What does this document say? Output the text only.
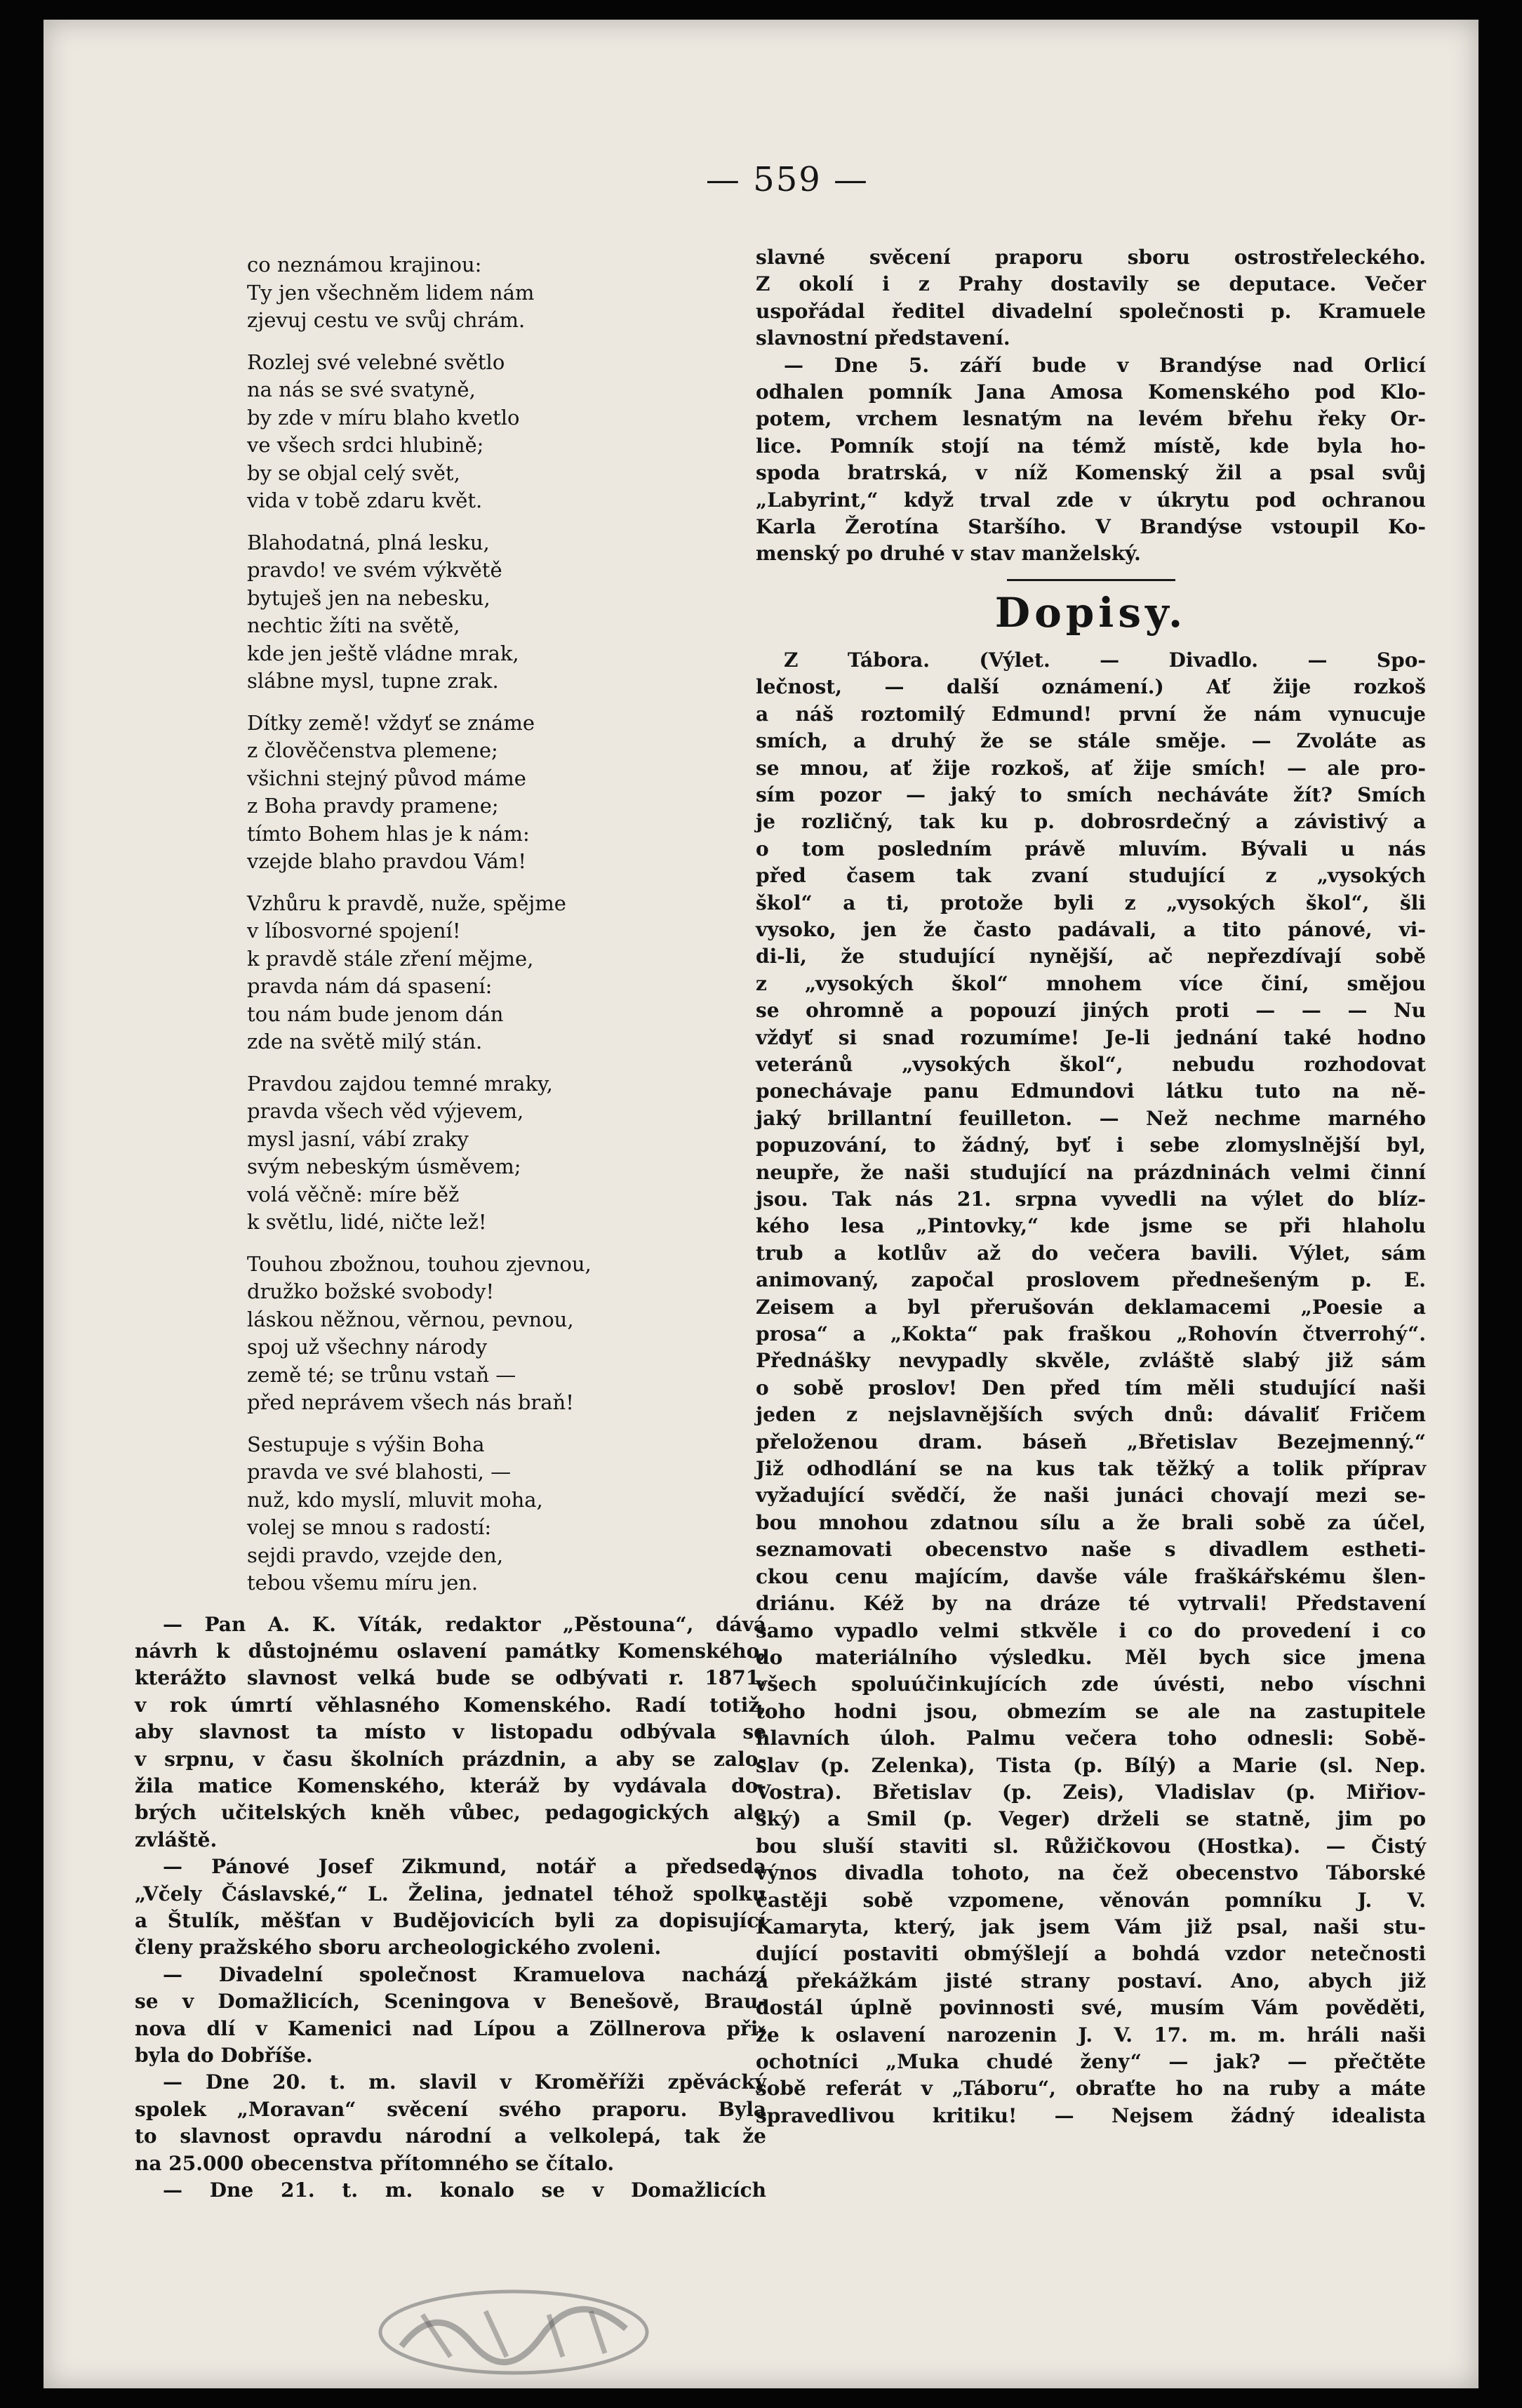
— 559 —
co neznámou krajinou:
Ty jen všechněm lidem nám
zjevuj cestu ve svůj chrám.
Rozlej své velebné světlo
na nás se své svatyně,
by zde v míru blaho kvetlo
ve všech srdci hlubině;
by se objal celý svět,
vida v tobě zdaru květ.
Blahodatná, plná lesku,
pravdo! ve svém výkvětě
bytuješ jen na nebesku,
nechtic žíti na světě,
kde jen ještě vládne mrak,
slábne mysl, tupne zrak.
Dítky země! vždyť se známe
z člověčenstva plemene;
všichni stejný původ máme
z Boha pravdy pramene;
tímto Bohem hlas je k nám:
vzejde blaho pravdou Vám!
Vzhůru k pravdě, nuže, spějme
v líbosvorné spojení!
k pravdě stále zření mějme,
pravda nám dá spasení:
tou nám bude jenom dán
zde na světě milý stán.
Pravdou zajdou temné mraky,
pravda všech věd výjevem,
mysl jasní, vábí zraky
svým nebeským úsměvem;
volá věčně: míre běž
k světlu, lidé, ničte lež!
Touhou zbožnou, touhou zjevnou,
družko božské svobody!
láskou něžnou, věrnou, pevnou,
spoj už všechny národy
země té; se trůnu vstaň —
před neprávem všech nás braň!
Sestupuje s výšin Boha
pravda ve své blahosti, —
nuž, kdo myslí, mluvit moha,
volej se mnou s radostí:
sejdi pravdo, vzejde den,
tebou všemu míru jen.
— Pan A. K. Víták, redaktor „Pěstouna“, dává
návrh k důstojnému oslavení památky Komenského,
kterážto slavnost velká bude se odbývati r. 1871,
v rok úmrtí věhlasného Komenského. Radí totiž,
aby slavnost ta místo v listopadu odbývala se
v srpnu, v času školních prázdnin, a aby se zalo-
žila matice Komenského, kteráž by vydávala do-
brých učitelských kněh vůbec, pedagogických ale
zvláště.
— Pánové Josef Zikmund, notář a předseda
„Včely Čáslavské,“ L. Želina, jednatel téhož spolku
a Štulík, měšťan v Budějovicích byli za dopisující
členy pražského sboru archeologického zvoleni.
— Divadelní společnost Kramuelova nachází
se v Domažlicích, Sceningova v Benešově, Brau-
nova dlí v Kamenici nad Lípou a Zöllnerova při-
byla do Dobříše.
— Dne 20. t. m. slavil v Kroměříži zpěvácký
spolek „Moravan“ svěcení svého praporu. Byla
to slavnost opravdu národní a velkolepá, tak že
na 25.000 obecenstva přítomného se čítalo.
— Dne 21. t. m. konalo se v Domažlicích
slavné svěcení praporu sboru ostrostřeleckého.
Z okolí i z Prahy dostavily se deputace. Večer
uspořádal ředitel divadelní společnosti p. Kramuele
slavnostní představení.
— Dne 5. září bude v Brandýse nad Orlicí
odhalen pomník Jana Amosa Komenského pod Klo-
potem, vrchem lesnatým na levém břehu řeky Or-
lice. Pomník stojí na témž místě, kde byla ho-
spoda bratrská, v níž Komenský žil a psal svůj
„Labyrint,“ když trval zde v úkrytu pod ochranou
Karla Žerotína Staršího. V Brandýse vstoupil Ko-
menský po druhé v stav manželský.
Dopisy.
Z Tábora. (Výlet. — Divadlo. — Spo-
lečnost, — další oznámení.) Ať žije rozkoš
a náš roztomilý Edmund! první že nám vynucuje
smích, a druhý že se stále směje. — Zvoláte as
se mnou, ať žije rozkoš, ať žije smích! — ale pro-
sím pozor — jaký to smích necháváte žít? Smích
je rozličný, tak ku p. dobrosrdečný a závistivý a
o tom posledním právě mluvím. Bývali u nás
před časem tak zvaní studující z „vysokých
škol“ a ti, protože byli z „vysokých škol“, šli
vysoko, jen že často padávali, a tito pánové, vi-
di-li, že studující nynější, ač nepřezdívají sobě
z „vysokých škol“ mnohem více činí, smějou
se ohromně a popouzí jiných proti — — — Nu
vždyť si snad rozumíme! Je-li jednání také hodno
veteránů „vysokých škol“, nebudu rozhodovat
ponechávaje panu Edmundovi látku tuto na ně-
jaký brillantní feuilleton. — Než nechme marného
popuzování, to žádný, byť i sebe zlomyslnější byl,
neupře, že naši studující na prázdninách velmi činní
jsou. Tak nás 21. srpna vyvedli na výlet do blíz-
kého lesa „Pintovky,“ kde jsme se při hlaholu
trub a kotlův až do večera bavili. Výlet, sám
animovaný, započal proslovem přednešeným p. E.
Zeisem a byl přerušován deklamacemi „Poesie a
prosa“ a „Kokta“ pak fraškou „Rohovín čtverrohý“.
Přednášky nevypadly skvěle, zvláště slabý již sám
o sobě proslov! Den před tím měli studující naši
jeden z nejslavnějších svých dnů: dávaliť Fričem
přeloženou dram. báseň „Břetislav Bezejmenný.“
Již odhodlání se na kus tak těžký a tolik příprav
vyžadující svědčí, že naši junáci chovají mezi se-
bou mnohou zdatnou sílu a že brali sobě za účel,
seznamovati obecenstvo naše s divadlem estheti-
ckou cenu majícím, davše vále fraškářskému šlen-
driánu. Kéž by na dráze té vytrvali! Představení
samo vypadlo velmi stkvěle i co do provedení i co
do materiálního výsledku. Měl bych sice jmena
všech spoluúčinkujících zde úvésti, nebo víschni
toho hodni jsou, obmezím se ale na zastupitele
hlavních úloh. Palmu večera toho odnesli: Sobě-
slav (p. Zelenka), Tista (p. Bílý) a Marie (sl. Nep.
Vostra). Břetislav (p. Zeis), Vladislav (p. Miřiov-
ský) a Smil (p. Veger) drželi se statně, jim po
bou sluší staviti sl. Růžičkovou (Hostka). — Čistý
výnos divadla tohoto, na čež obecenstvo Táborské
častěji sobě vzpomene, věnován pomníku J. V.
Kamaryta, který, jak jsem Vám již psal, naši stu-
dující postaviti obmýšlejí a bohdá vzdor netečnosti
a překážkám jisté strany postaví. Ano, abych již
dostál úplně povinnosti své, musím Vám pověděti,
že k oslavení narozenin J. V. 17. m. m. hráli naši
ochotníci „Muka chudé ženy“ — jak? — přečtěte
sobě referát v „Táboru“, obraťte ho na ruby a máte
spravedlivou kritiku! — Nejsem žádný idealista
